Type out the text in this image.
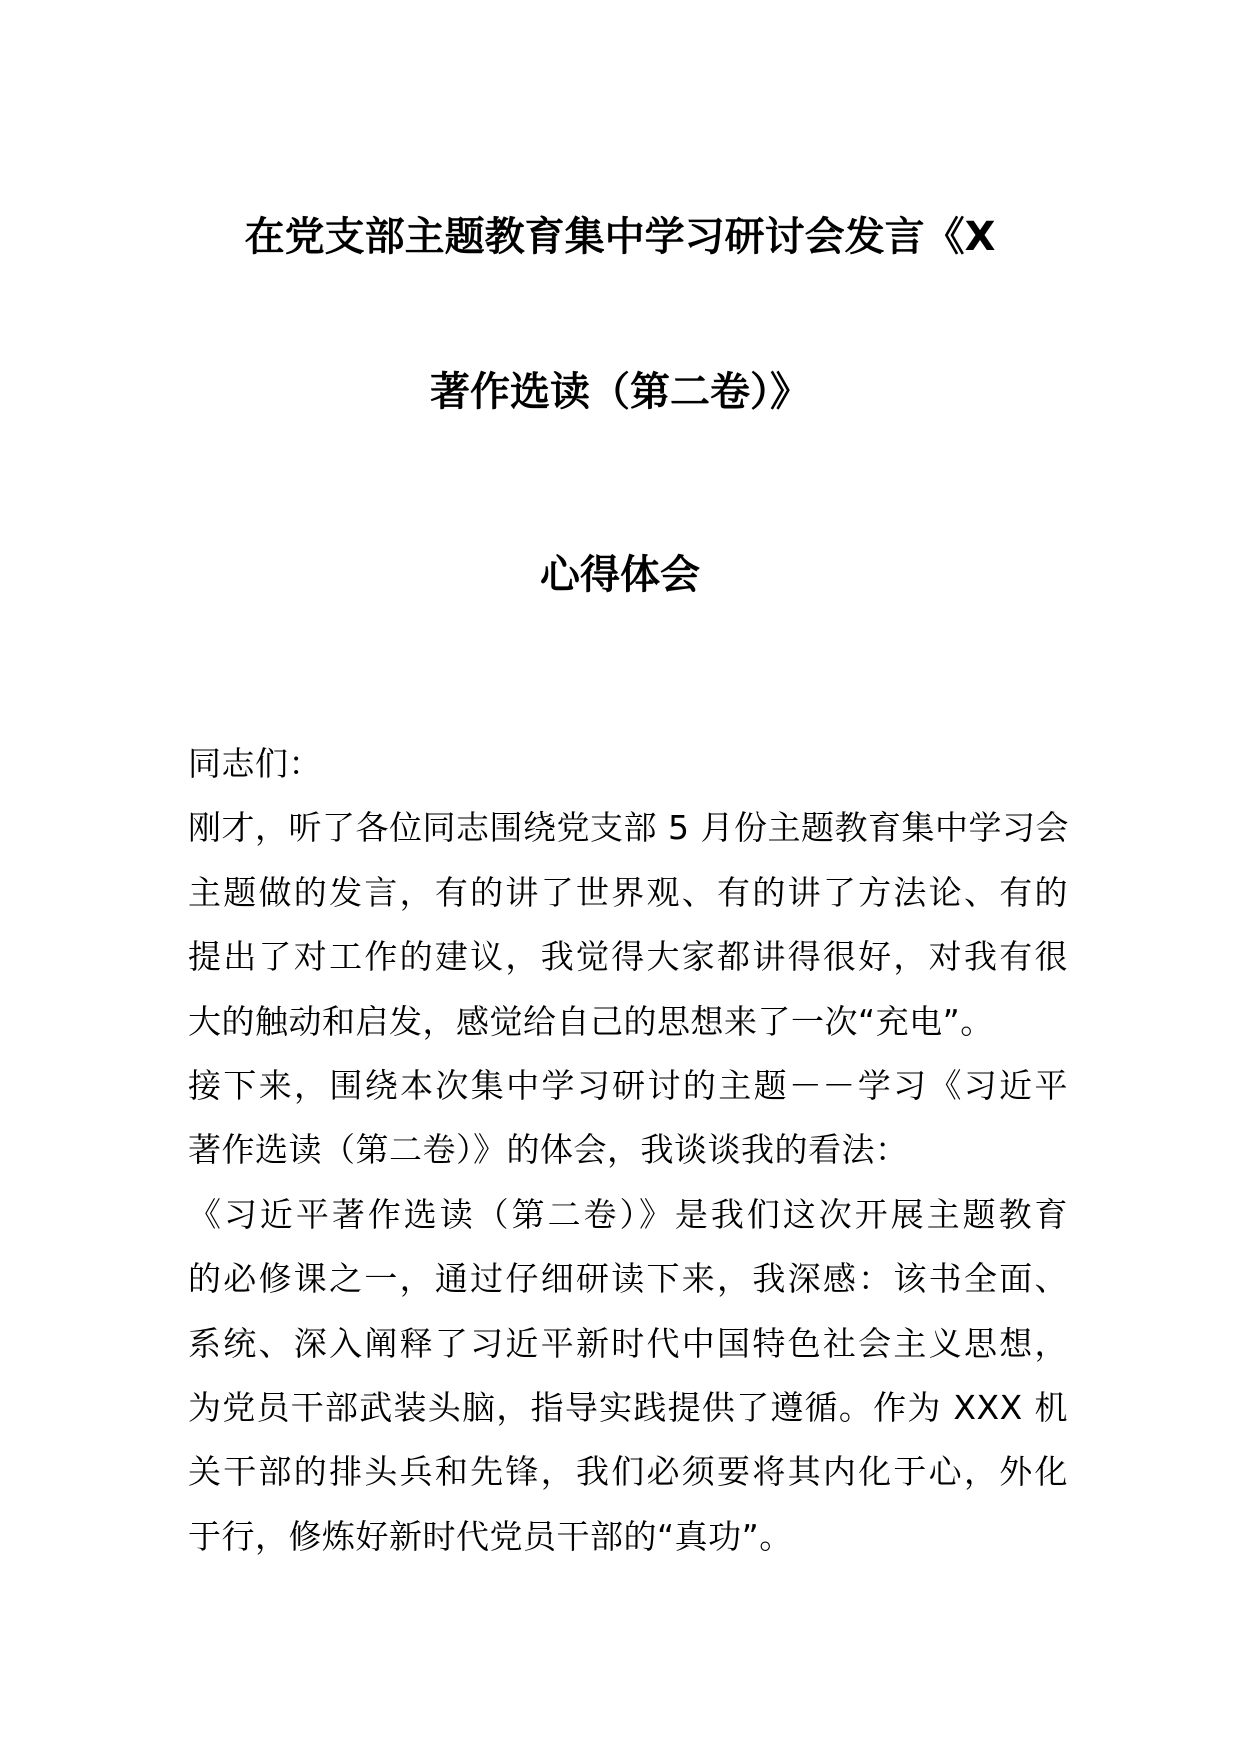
在党支部主题教育集中学习研讨会发言《X
著作选读（第二卷）》
心得体会
同志们：
刚才，听了各位同志围绕党支部 5 月份主题教育集中学习会
主题做的发言，有的讲了世界观、有的讲了方法论、有的
提出了对工作的建议，我觉得大家都讲得很好，对我有很
大的触动和启发，感觉给自己的思想来了一次“充电”。
接下来，围绕本次集中学习研讨的主题－－学习《习近平
著作选读（第二卷）》的体会，我谈谈我的看法：
《习近平著作选读（第二卷）》是我们这次开展主题教育
的必修课之一，通过仔细研读下来，我深感：该书全面、
系统、深入阐释了习近平新时代中国特色社会主义思想，
为党员干部武装头脑，指导实践提供了遵循。作为 XXX 机
关干部的排头兵和先锋，我们必须要将其内化于心，外化
于行，修炼好新时代党员干部的“真功”。
